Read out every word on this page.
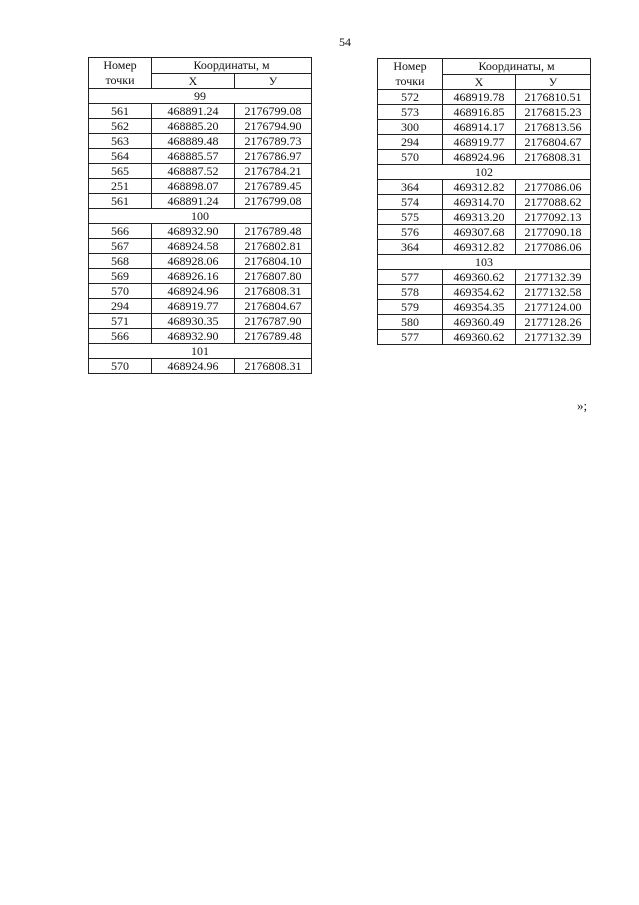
54
Номер
точки	Координаты, м	
	X	У
99		
561	468891.24	2176799.08
562	468885.20	2176794.90
563	468889.48	2176789.73
564	468885.57	2176786.97
565	468887.52	2176784.21
251	468898.07	2176789.45
561	468891.24	2176799.08
100		
566	468932.90	2176789.48
567	468924.58	2176802.81
568	468928.06	2176804.10
569	468926.16	2176807.80
570	468924.96	2176808.31
294	468919.77	2176804.67
571	468930.35	2176787.90
566	468932.90	2176789.48
101		
570	468924.96	2176808.31
Номер
точки	Координаты, м	
	X	У
572	468919.78	2176810.51
573	468916.85	2176815.23
300	468914.17	2176813.56
294	468919.77	2176804.67
570	468924.96	2176808.31
102		
364	469312.82	2177086.06
574	469314.70	2177088.62
575	469313.20	2177092.13
576	469307.68	2177090.18
364	469312.82	2177086.06
103		
577	469360.62	2177132.39
578	469354.62	2177132.58
579	469354.35	2177124.00
580	469360.49	2177128.26
577	469360.62	2177132.39
»;
